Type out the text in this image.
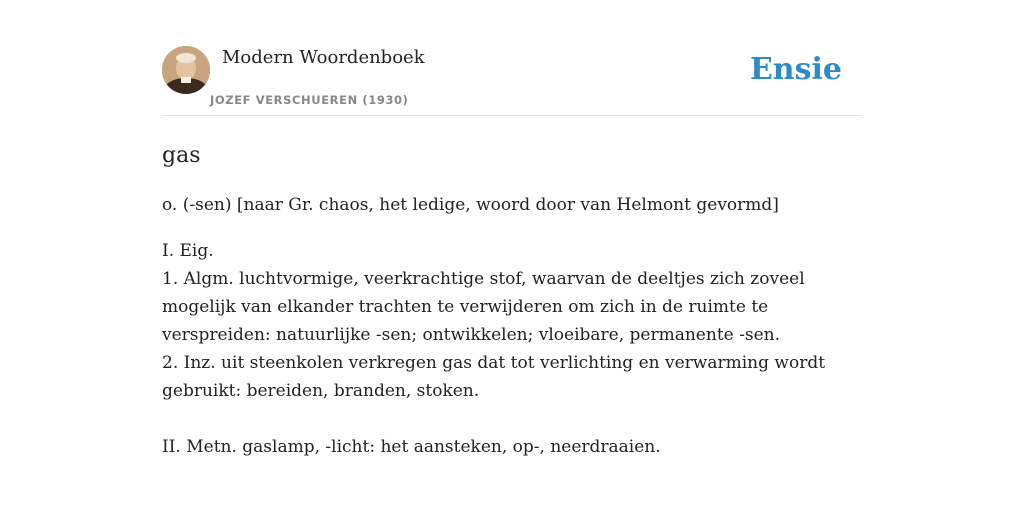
Modern Woordenboek
JOZEF VERSCHUEREN (1930)
Ensie
gas
o. (-sen) [naar Gr. chaos, het ledige, woord door van Helmont gevormd]

I. Eig.

1. Algm. luchtvormige, veerkrachtige stof, waarvan de deeltjes zich zoveel mogelijk van elkander trachten te verwijderen om zich in de ruimte te verspreiden: natuurlijke -sen; ontwikkelen; vloeibare, permanente -sen.

2. Inz. uit steenkolen verkregen gas dat tot verlichting en verwarming wordt gebruikt: bereiden, branden, stoken.

II. Metn. gaslamp, -licht: het aansteken, op-, neerdraaien.
